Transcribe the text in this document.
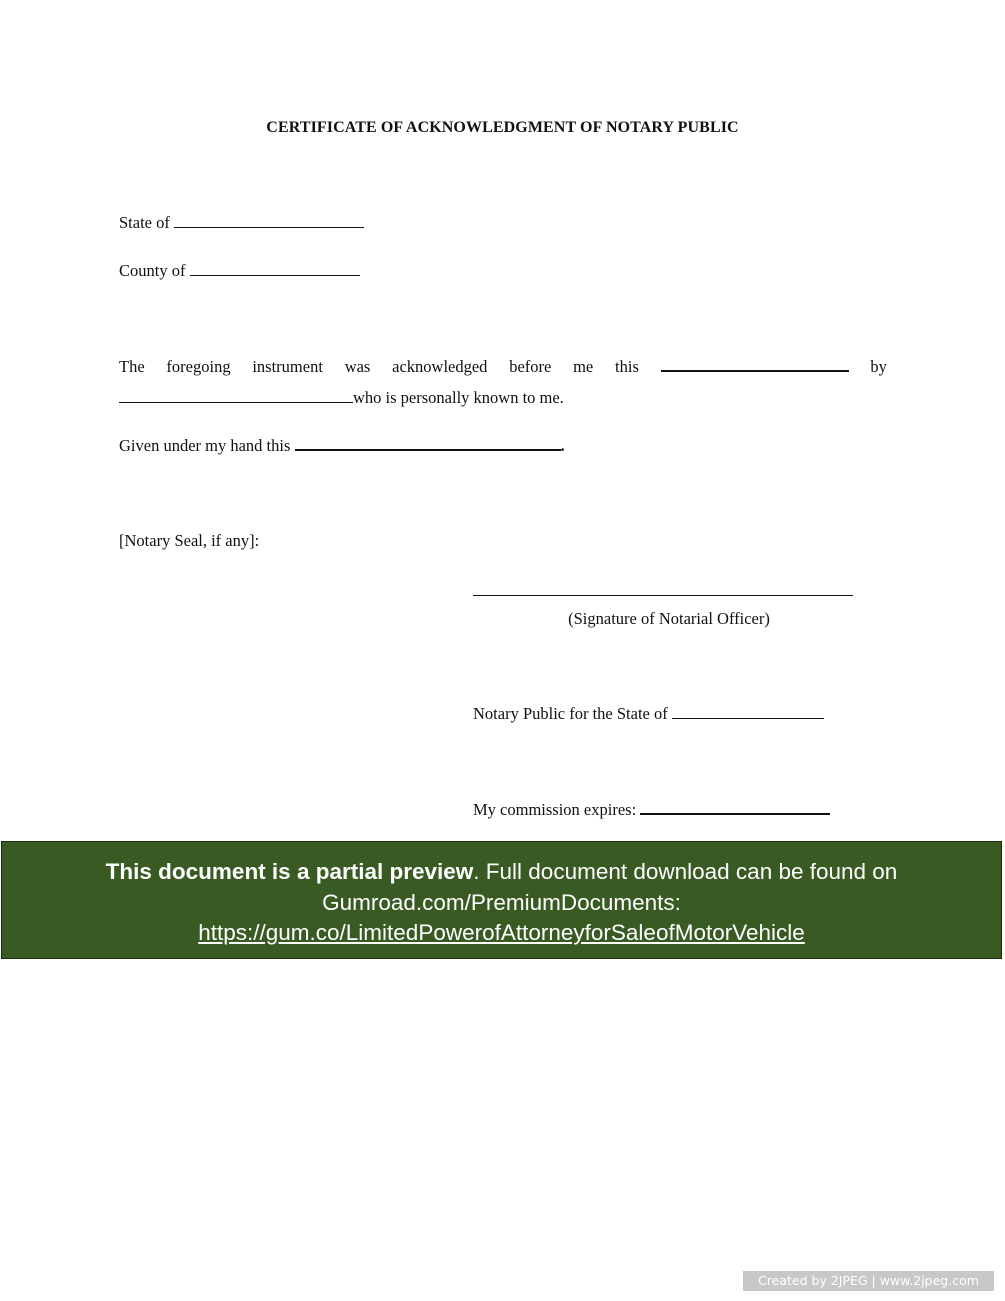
CERTIFICATE OF ACKNOWLEDGMENT OF NOTARY PUBLIC
State of
County of
The foregoing instrument was acknowledged before me this	by
who is personally known to me.
Given under my hand this	.
[Notary Seal, if any]:
(Signature of Notarial Officer)
Notary Public for the State of
My commission expires:
This document is a partial preview. Full document download can be found on
Gumroad.com/PremiumDocuments:
https://gum.co/LimitedPowerofAttorneyforSaleofMotorVehicle
Created by 2JPEG | www.2jpeg.com
